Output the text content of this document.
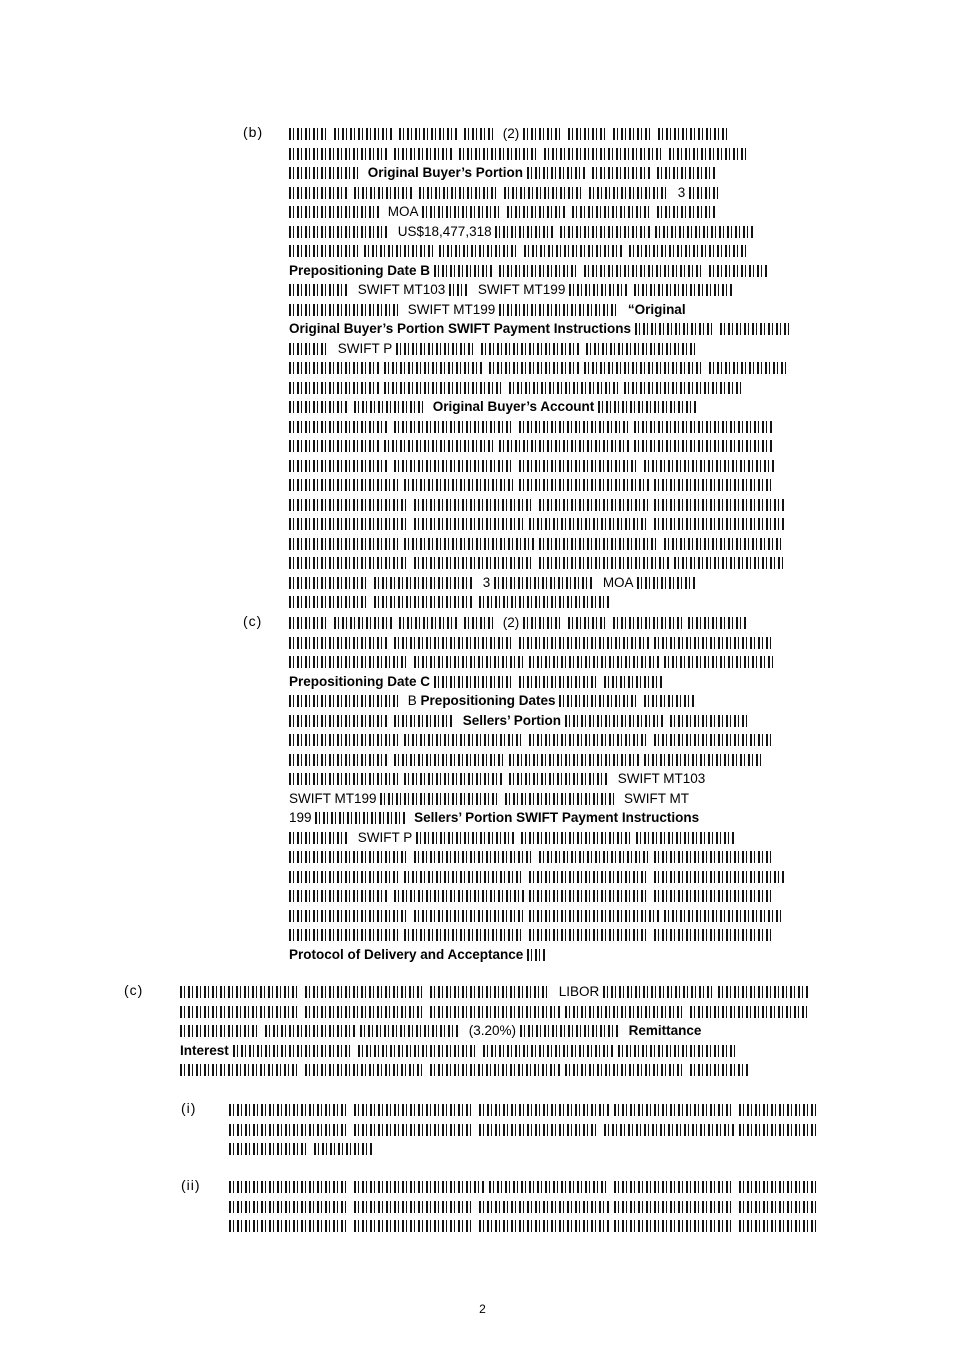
(b)	(2)
Original Buyer’s Portion
3
MOA
US$18,477,318
Prepositioning Date B
SWIFT MT103 SWIFT MT199
SWIFT MT199	“Original
Original Buyer’s Portion SWIFT Payment Instructions
SWIFT P
Original Buyer’s Account
3	MOA
(c)	(2)
Prepositioning Date C
B Prepositioning Dates
Sellers’ Portion
SWIFT MT103
SWIFT MT199	SWIFT MT
199	Sellers’ Portion SWIFT Payment Instructions
SWIFT P
Protocol of Delivery and Acceptance
(c)	LIBOR
(3.20%)	Remittance
Interest
(i)
(ii)
2
